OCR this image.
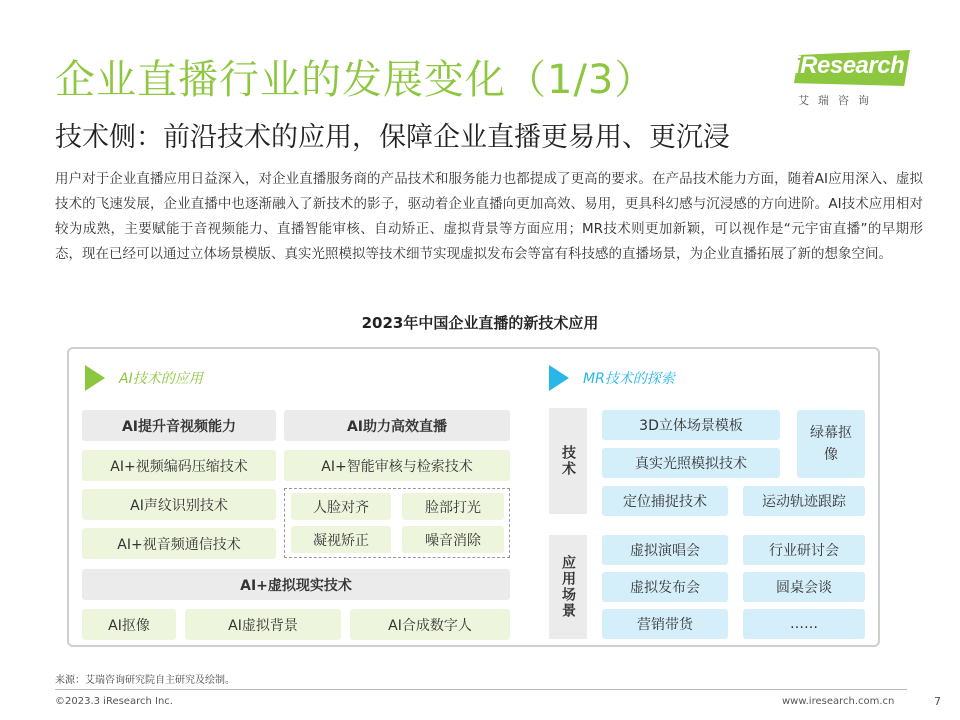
企业直播行业的发展变化（1/3）
技术侧：前沿技术的应用，保障企业直播更易用、更沉浸
iResearch
艾瑞咨询

用户对于企业直播应用日益深入，对企业直播服务商的产品技术和服务能力也都提成了更高的要求。在产品技术能力方面，随着AI应用深入、虚拟技术的飞速发展，企业直播中也逐渐融入了新技术的影子，驱动着企业直播向更加高效、易用，更具科幻感与沉浸感的方向进阶。AI技术应用相对较为成熟，主要赋能于音视频能力、直播智能审核、自动矫正、虚拟背景等方面应用；MR技术则更加新颖，可以视作是“元宇宙直播”的早期形态，现在已经可以通过立体场景模版、真实光照模拟等技术细节实现虚拟发布会等富有科技感的直播场景，为企业直播拓展了新的想象空间。

2023年中国企业直播的新技术应用
AI技术的应用	MR技术的探索
AI提升音视频能力
AI+视频编码压缩技术
AI声纹识别技术
AI+视音频通信技术
AI助力高效直播
AI+智能审核与检索技术
人脸对齐	脸部打光
凝视矫正	噪音消除
AI+虚拟现实技术
AI抠像	AI虚拟背景	AI合成数字人
技术
3D立体场景模板
真实光照模拟技术
绿幕抠像
定位捕捉技术	运动轨迹跟踪
应用场景
虚拟演唱会	行业研讨会
虚拟发布会	圆桌会谈
营销带货	……
来源：艾瑞咨询研究院自主研究及绘制。
©2023.3 iResearch Inc.	www.iresearch.com.cn	7
